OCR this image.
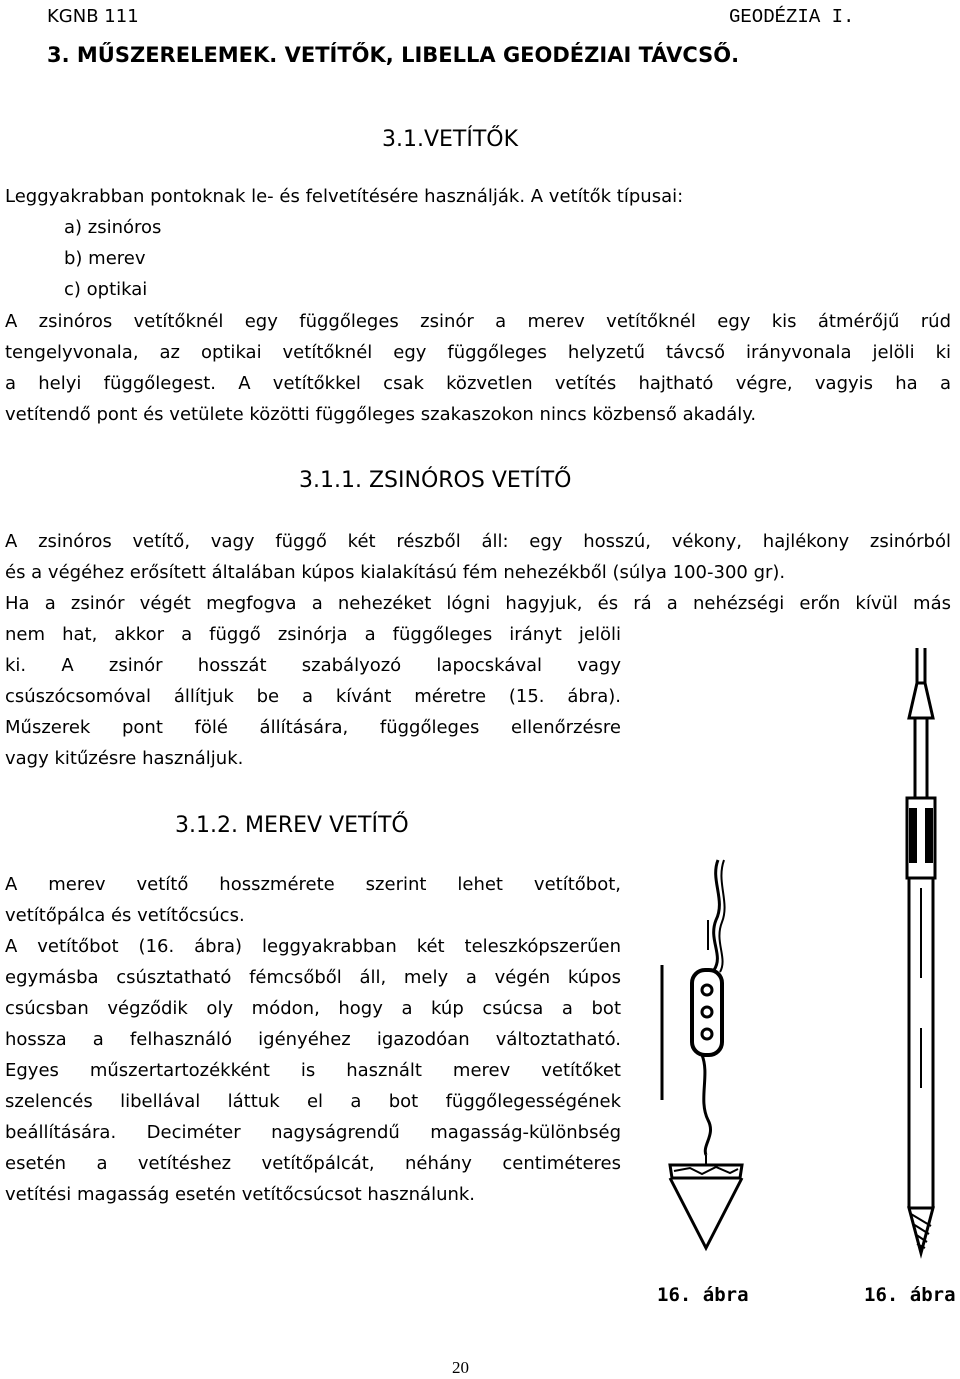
KGNB 111	GEODÉZIA I.
3. MŰSZERELEMEK. VETÍTŐK, LIBELLA GEODÉZIAI TÁVCSŐ.
3.1.VETÍTŐK
Leggyakrabban pontoknak le- és felvetítésére használják. A vetítők típusai:
a) zsinóros
b) merev
c) optikai
A zsinóros vetítőknél egy függőleges zsinór a merev vetítőknél egy kis átmérőjű rúd
tengelyvonala, az optikai vetítőknél egy függőleges helyzetű távcső irányvonala jelöli ki
a helyi függőlegest. A vetítőkkel csak közvetlen vetítés hajtható végre, vagyis ha a
vetítendő pont és vetülete közötti függőleges szakaszokon nincs közbenső akadály.
3.1.1. ZSINÓROS VETÍTŐ
A zsinóros vetítő, vagy függő két részből áll: egy hosszú, vékony, hajlékony zsinórból
és a végéhez erősített általában kúpos kialakítású fém nehezékből (súlya 100-300 gr).
Ha a zsinór végét megfogva a nehezéket lógni hagyjuk, és rá a nehézségi erőn kívül más
nem hat, akkor a függő zsinórja a függőleges irányt jelöli
ki. A zsinór hosszát szabályozó lapocskával vagy
csúszócsomóval állítjuk be a kívánt méretre (15. ábra).
Műszerek pont fölé állítására, függőleges ellenőrzésre
vagy kitűzésre használjuk.
3.1.2. MEREV VETÍTŐ
A merev vetítő hosszmérete szerint lehet vetítőbot,
vetítőpálca és vetítőcsúcs.
A vetítőbot (16. ábra) leggyakrabban két teleszkópszerűen
egymásba csúsztatható fémcsőből áll, mely a végén kúpos
csúcsban végződik oly módon, hogy a kúp csúcsa a bot
hossza a felhasználó igényéhez igazodóan változtatható.
Egyes műszertartozékként is használt merev vetítőket
szelencés libellával láttuk el a bot függőlegességének
beállítására. Deciméter nagyságrendű magasság-különbség
esetén a vetítéshez vetítőpálcát, néhány centiméteres
vetítési magasság esetén vetítőcsúcsot használunk.
16. ábra	16. ábra
20
